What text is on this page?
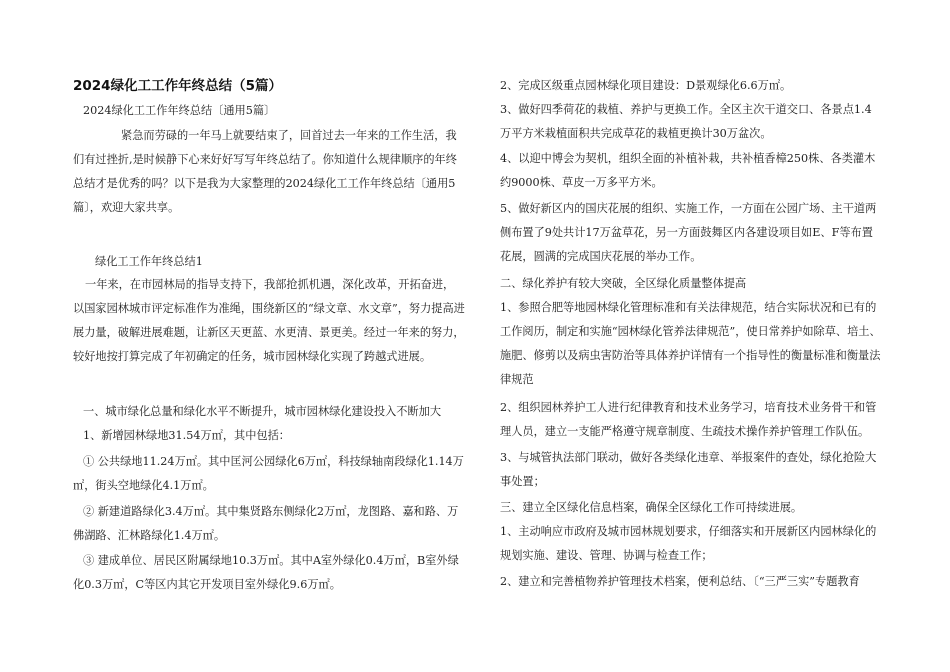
2024绿化工工作年终总结（5篇）

2024绿化工工作年终总结〔通用5篇〕

紧急而劳碌的一年马上就要结束了，回首过去一年来的工作生活，我们有过挫折,是时候静下心来好好写写年终总结了。你知道什么规律顺序的年终总结才是优秀的吗？以下是我为大家整理的2024绿化工工作年终总结〔通用5篇〕，欢迎大家共享。

绿化工工作年终总结1

一年来，在市园林局的指导支持下，我部抢抓机遇，深化改革，开拓奋进，以国家园林城市评定标准作为准绳，围绕新区的“绿文章、水文章”，努力提高进展力量，破解进展难题，让新区天更蓝、水更清、景更美。经过一年来的努力，较好地按打算完成了年初确定的任务，城市园林绿化实现了跨越式进展。

一、城市绿化总量和绿化水平不断提升，城市园林绿化建设投入不断加大

1、新增园林绿地31.54万㎡，其中包括：

① 公共绿地11.24万㎡。其中匡河公园绿化6万㎡，科技绿轴南段绿化1.14万㎡，街头空地绿化4.1万㎡。

② 新建道路绿化3.4万㎡。其中集贤路东侧绿化2万㎡，龙图路、嘉和路、万佛湖路、汇林路绿化1.4万㎡。

③ 建成单位、居民区附属绿地10.3万㎡。其中A室外绿化0.4万㎡，B室外绿化0.3万㎡，C等区内其它开发项目室外绿化9.6万㎡。

2、完成区级重点园林绿化项目建设：D景观绿化6.6万㎡。

3、做好四季荷花的栽植、养护与更换工作。全区主次干道交口、各景点1.4万平方米栽植面积共完成草花的栽植更换计30万盆次。

4、以迎中博会为契机，组织全面的补植补栽，共补植香樟250株、各类灌木约9000株、草皮一万多平方米。

5、做好新区内的国庆花展的组织、实施工作，一方面在公园广场、主干道两侧布置了9处共计17万盆草花，另一方面鼓舞区内各建设项目如E、F等布置花展，圆满的完成国庆花展的举办工作。

二、绿化养护有较大突破，全区绿化质量整体提高

1、参照合肥等地园林绿化管理标准和有关法律规范，结合实际状况和已有的工作阅历，制定和实施“园林绿化管养法律规范”，使日常养护如除草、培土、施肥、修剪以及病虫害防治等具体养护详情有一个指导性的衡量标准和衡量法律规范

2、组织园林养护工人进行纪律教育和技术业务学习，培育技术业务骨干和管理人员，建立一支能严格遵守规章制度、生疏技术操作养护管理工作队伍。

3、与城管执法部门联动，做好各类绿化违章、举报案件的查处，绿化抢险大事处置；

三、建立全区绿化信息档案，确保全区绿化工作可持续进展。

1、主动响应市政府及城市园林规划要求，仔细落实和开展新区内园林绿化的规划实施、建设、管理、协调与检查工作；

2、建立和完善植物养护管理技术档案，便利总结、〔“三严三实”专题教育
